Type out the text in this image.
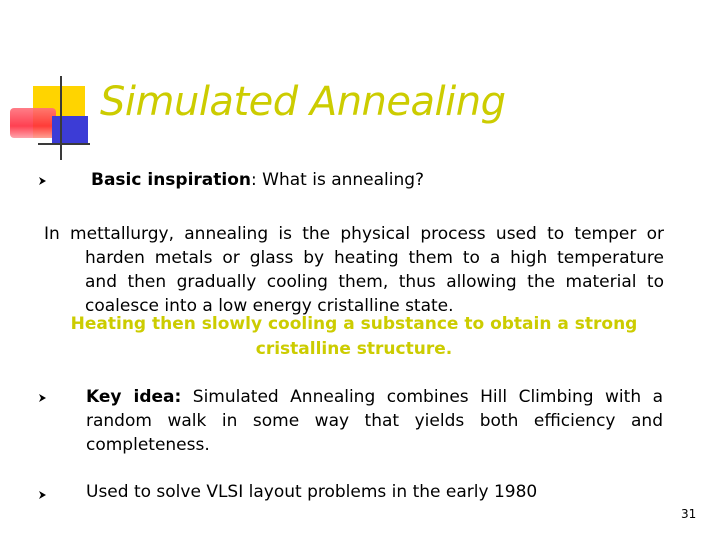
Simulated Annealing
Basic inspiration: What is annealing?
In mettallurgy, annealing is the physical process used to temper or
harden metals or glass by heating them to a high temperature
and then gradually cooling them, thus allowing the material to
coalesce into a low energy cristalline state.
Heating then slowly cooling a substance to obtain a strong
cristalline structure.
Key idea: Simulated Annealing combines Hill Climbing with a
random walk in some way that yields both efficiency and
completeness.
Used to solve VLSI layout problems in the early 1980
31
